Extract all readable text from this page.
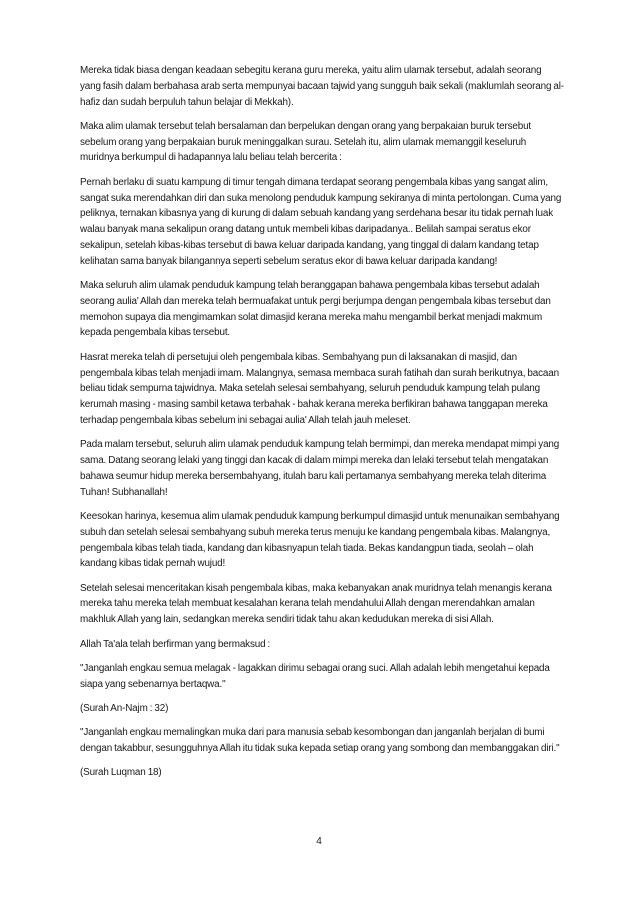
Mereka tidak biasa dengan keadaan sebegitu kerana guru mereka, yaitu alim ulamak tersebut, adalah seorang yang fasih dalam berbahasa arab serta mempunyai bacaan tajwid yang sungguh baik sekali (maklumlah seorang al-hafiz dan sudah berpuluh tahun belajar di Mekkah).

Maka alim ulamak tersebut telah bersalaman dan berpelukan dengan orang yang berpakaian buruk tersebut sebelum orang yang berpakaian buruk meninggalkan surau. Setelah itu, alim ulamak memanggil keseluruh muridnya berkumpul di hadapannya lalu beliau telah bercerita :

Pernah berlaku di suatu kampung di timur tengah dimana terdapat seorang pengembala kibas yang sangat alim, sangat suka merendahkan diri dan suka menolong penduduk kampung sekiranya di minta pertolongan. Cuma yang peliknya, ternakan kibasnya yang di kurung di dalam sebuah kandang yang serdehana besar itu tidak pernah luak walau banyak mana sekalipun orang datang untuk membeli kibas daripadanya.. Belilah sampai seratus ekor sekalipun, setelah kibas-kibas tersebut di bawa keluar daripada kandang, yang tinggal di dalam kandang tetap kelihatan sama banyak bilangannya seperti sebelum seratus ekor di bawa keluar daripada kandang!

Maka seluruh alim ulamak penduduk kampung telah beranggapan bahawa pengembala kibas tersebut adalah seorang aulia' Allah dan mereka telah bermuafakat untuk pergi berjumpa dengan pengembala kibas tersebut dan memohon supaya dia mengimamkan solat dimasjid kerana mereka mahu mengambil berkat menjadi makmum kepada pengembala kibas tersebut.

Hasrat mereka telah di persetujui oleh pengembala kibas. Sembahyang pun di laksanakan di masjid, dan pengembala kibas telah menjadi imam. Malangnya, semasa membaca surah fatihah dan surah berikutnya, bacaan beliau tidak sempurna tajwidnya. Maka setelah selesai sembahyang, seluruh penduduk kampung telah pulang kerumah masing - masing sambil ketawa terbahak - bahak kerana mereka berfikiran bahawa tanggapan mereka terhadap pengembala kibas sebelum ini sebagai aulia' Allah telah jauh meleset.

Pada malam tersebut, seluruh alim ulamak penduduk kampung telah bermimpi, dan mereka mendapat mimpi yang sama. Datang seorang lelaki yang tinggi dan kacak di dalam mimpi mereka dan lelaki tersebut telah mengatakan bahawa seumur hidup mereka bersembahyang, itulah baru kali pertamanya sembahyang mereka telah diterima Tuhan! Subhanallah!

Keesokan harinya, kesemua alim ulamak penduduk kampung berkumpul dimasjid untuk menunaikan sembahyang subuh dan setelah selesai sembahyang subuh mereka terus menuju ke kandang pengembala kibas. Malangnya, pengembala kibas telah tiada, kandang dan kibasnyapun telah tiada. Bekas kandangpun tiada, seolah – olah kandang kibas tidak pernah wujud!

Setelah selesai menceritakan kisah pengembala kibas, maka kebanyakan anak muridnya telah menangis kerana mereka tahu mereka telah membuat kesalahan kerana telah mendahului Allah dengan merendahkan amalan makhluk Allah yang lain, sedangkan mereka sendiri tidak tahu akan kedudukan mereka di sisi Allah.

Allah Ta'ala telah berfirman yang bermaksud :

"Janganlah engkau semua melagak - lagakkan dirimu sebagai orang suci. Allah adalah lebih mengetahui kepada siapa yang sebenarnya bertaqwa."

(Surah An-Najm : 32)

"Janganlah engkau memalingkan muka dari para manusia sebab kesombongan dan janganlah berjalan di bumi dengan takabbur, sesungguhnya Allah itu tidak suka kepada setiap orang yang sombong dan membanggakan diri."

(Surah Luqman 18)

4
